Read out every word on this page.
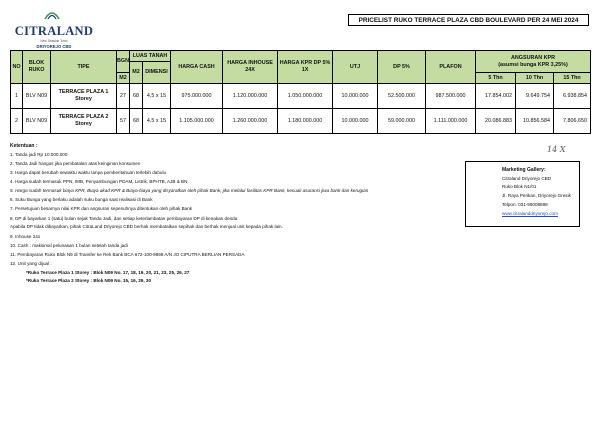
CITRALAND
New Seaside Town
DRIYOREJO CBD
PRICELIST RUKO TERRACE PLAZA CBD BOULEVARD PER 24 MEI 2024
NO	BLOK RUKO	TIPE	BGN	LUAS TANAH		HARGA CASH	HARGA INHOUSE 24X	HARGA KPR DP 5% 1X	UTJ	DP 5%	PLAFON	ANGSURAN KPR
(asumsi bunga KPR 3,25%)		

				M2	DIMENSI									
			M2									5 Thn	10 Thn	15 Thn
1	BLV N09	TERRACE PLAZA 1 Storey	27	68	4,5 x 15	975.000.000	1.120.000.000	1.050.000.000	10.000.000	52.500.000	987.500.000	17.854.002	9.649.754	6.938.854
2	BLV N09	TERRACE PLAZA 2 Storey	57	68	4,5 x 15	1.105.000.000	1.260.000.000	1.180.000.000	10.000.000	59.000.000	1.111.000.000	20.086.883	10.856.584	7.806.650
14 X
Ketentuan :
1. Tanda jadi Rp 10.000.000
2. Tanda Jadi hangus jika pembatalan atas keinginan konsumen
3. Harga dapat berubah sewaktu waktu tanpa pemberitahuan terlebih dahulu
4. Harga sudah termasuk PPN, IMB, Penyambungan PDAM, Listrik, BPHTB, AJB & BN
5. Harga sudah termasuk biaya KPR, Biaya akad KPR & Biaya-biaya yang disyaratkan oleh pihak Bank, jika melalui fasilitas KPR Bank, kecuali asuransi jiwa bank dan kerugian
6. Suku Bunga yang berlaku adalah suku bunga saat realisasi di Bank
7. Persetujuan besarnya nilai KPR dan angsuran sepenuhnya ditentukan oleh pihak Bank
8. DP di bayarkan 1 (satu) bulan sejak Tanda Jadi, dan setiap keterlambatan pembayaran DP di kenakan denda
Apabila DP tidak dibayarkan, pihak CitraLand Driyorejo CBD berhak membatalkan sepihak dan berhak menjual unit kepada pihak lain.
9. Inhouse 24x
10. Cash : maksimal pelunasan 1 bulan setelah tanda jadi
11. Pembayaran Ruko Blok N9 di Transfer ke Rek Bank BCA 672-100-9898 A/N JO CIPUTRA BERLIAN PERSADA
12. Unit yang dijual :
*Ruko Terrace Plaza 1 Storey : Blok N09 No. 17, 18, 19, 20, 21, 23, 25, 26, 27
*Ruko Terrace Plaza 2 Storey : Blok N09 No. 15, 16, 29, 30
Marketing Gallery:
Citraland Driyorejo CBD
Ruko Blok N1/01
Jl. Raya Perikan, Driyorejo Gresik
Telpon. 031-99008888
www.citralanddriyorejo.com
